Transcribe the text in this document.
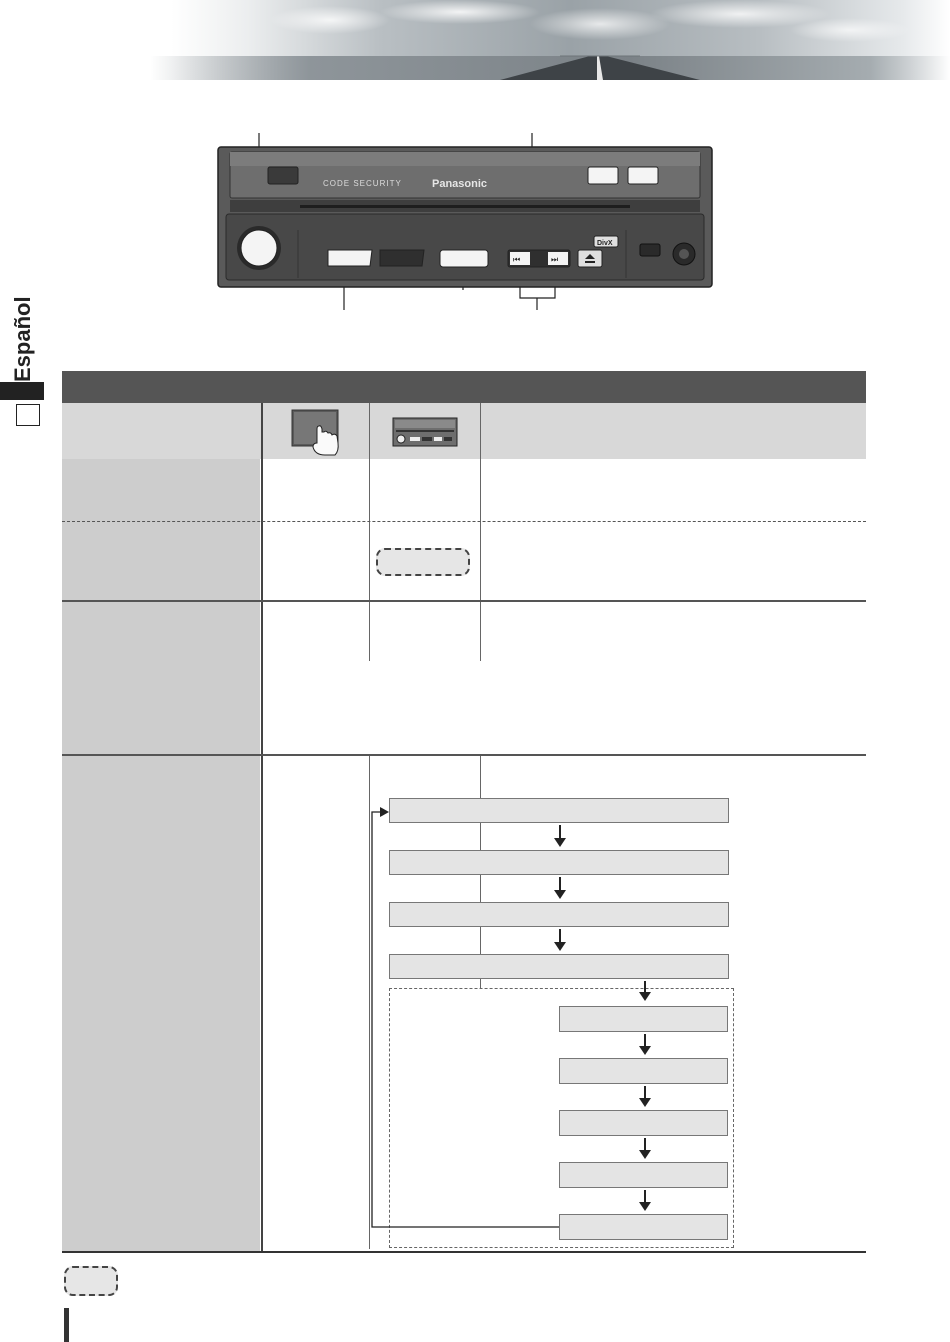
Español
CODE SECURITY	Panasonic
⏮	⏭
DivX
